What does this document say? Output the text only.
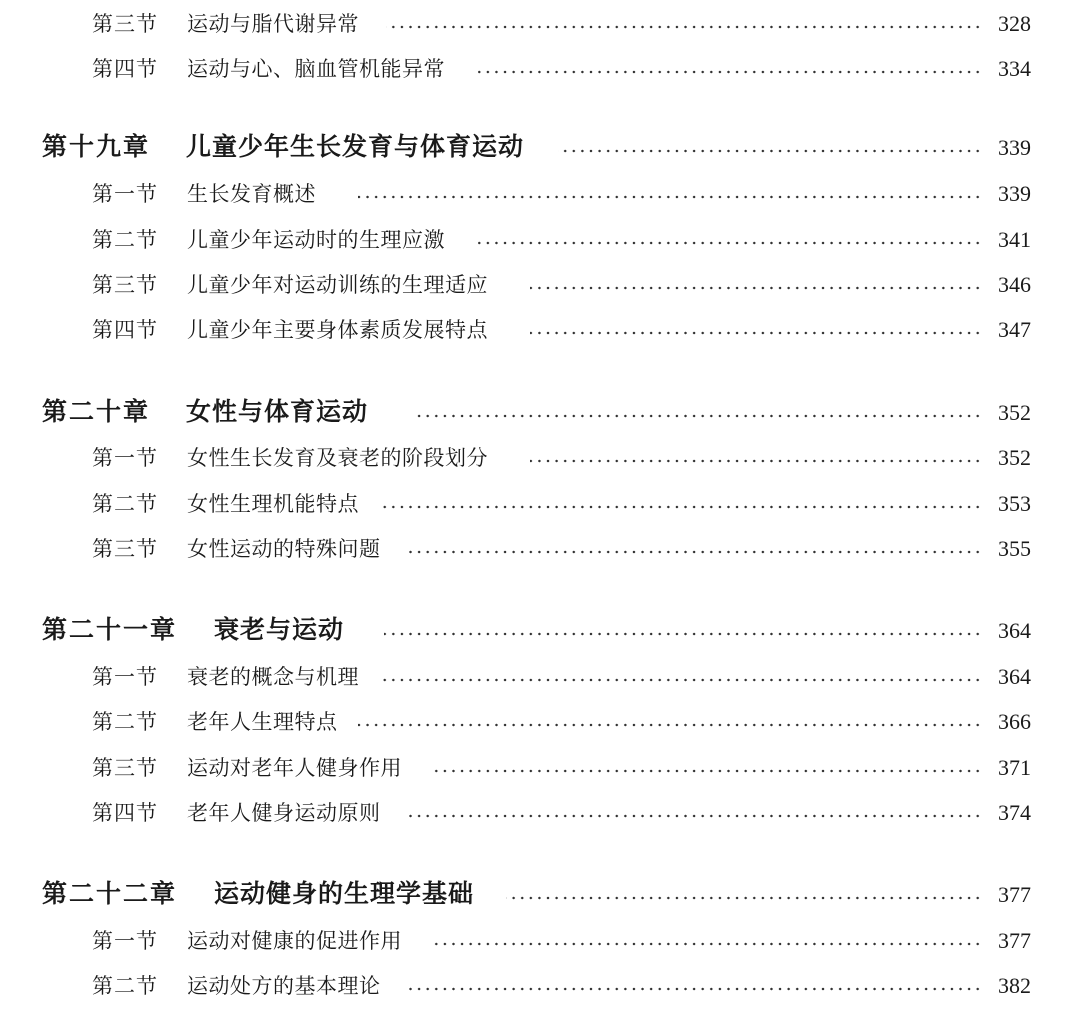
第三节 运动与脂代谢异常	328
第四节 运动与心、脑血管机能异常	334
第十九章 儿童少年生长发育与体育运动	339
第一节 生长发育概述	339
第二节 儿童少年运动时的生理应激	341
第三节 儿童少年对运动训练的生理适应	346
第四节 儿童少年主要身体素质发展特点	347
第二十章 女性与体育运动	352
第一节 女性生长发育及衰老的阶段划分	352
第二节 女性生理机能特点	353
第三节 女性运动的特殊问题	355
第二十一章 衰老与运动	364
第一节 衰老的概念与机理	364
第二节 老年人生理特点	366
第三节 运动对老年人健身作用	371
第四节 老年人健身运动原则	374
第二十二章 运动健身的生理学基础	377
第一节 运动对健康的促进作用	377
第二节 运动处方的基本理论	382
